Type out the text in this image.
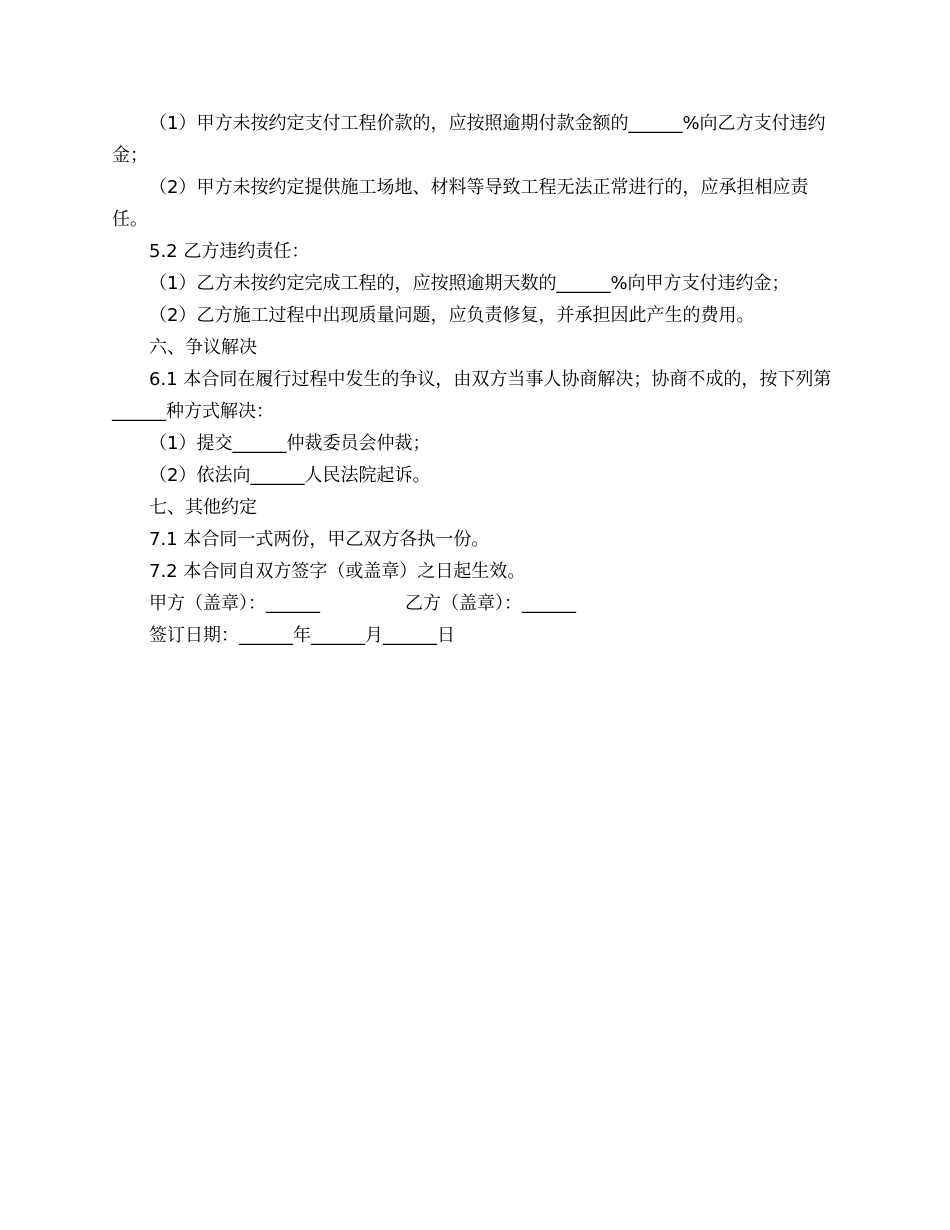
（1）甲方未按约定支付工程价款的，应按照逾期付款金额的______%向乙方支付违约金；

（2）甲方未按约定提供施工场地、材料等导致工程无法正常进行的，应承担相应责任。

5.2 乙方违约责任：

（1）乙方未按约定完成工程的，应按照逾期天数的______%向甲方支付违约金；

（2）乙方施工过程中出现质量问题，应负责修复，并承担因此产生的费用。

六、争议解决

6.1 本合同在履行过程中发生的争议，由双方当事人协商解决；协商不成的，按下列第______种方式解决：

（1）提交______仲裁委员会仲裁；

（2）依法向______人民法院起诉。

七、其他约定

7.1 本合同一式两份，甲乙双方各执一份。

7.2 本合同自双方签字（或盖章）之日起生效。

甲方（盖章）：______	乙方（盖章）：______

签订日期：______年______月______日
